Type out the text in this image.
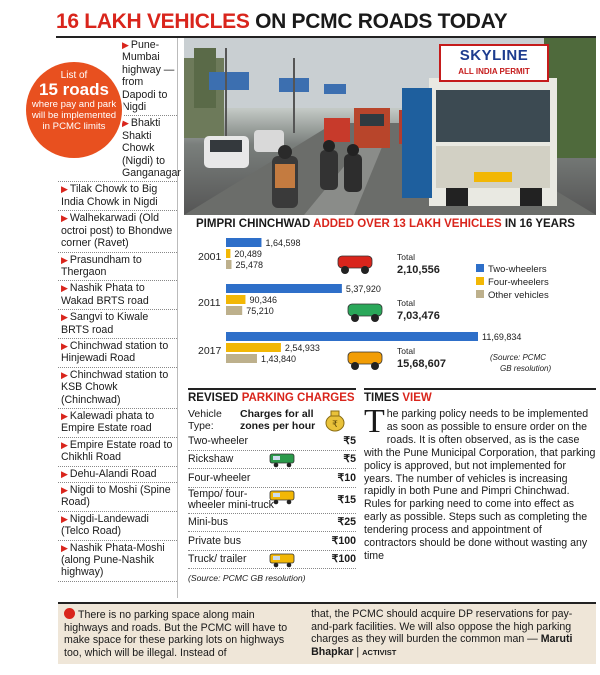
16 LAKH VEHICLES ON PCMC ROADS TODAY
▶ Pune-Mumbai highway — from Dapodi to Nigdi
▶ Bhakti Shakti Chowk (Nigdi) to Ganganagar
▶ Tilak Chowk to Big India Chowk in Nigdi
▶ Walhekarwadi (Old octroi post) to Bhondwe corner (Ravet)
▶ Prasundham to Thergaon
▶ Nashik Phata to Wakad BRTS road
▶ Sangvi to Kiwale BRTS road
▶ Chinchwad station to Hinjewadi Road
▶ Chinchwad station to KSB Chowk (Chinchwad)
▶ Kalewadi phata to Empire Estate road
▶ Empire Estate road to Chikhli Road
▶ Dehu-Alandi Road
▶ Nigdi to Moshi (Spine Road)
▶ Nigdi-Landewadi (Telco Road)
▶ Nashik Phata-Moshi (along Pune-Nashik highway)
List of
15 roads
where pay and park will be implemented in PCMC limits
SKYLINE
ALL INDIA PERMIT
PIMPRI CHINCHWAD ADDED OVER 13 LAKH VEHICLES IN 16 YEARS
2001
1,64,598
20,489
25,478
Total
2,10,556
2011
5,37,920
90,346
75,210
Total
7,03,476
2017
11,69,834
2,54,933
1,43,840
Total
15,68,607
Two-wheelers
Four-wheelers
Other vehicles
(Source: PCMC
GB resolution)
REVISED PARKING CHARGES
Vehicle Type:
Charges for all zones per hour	₹
Two-wheeler	₹5
Rickshaw	₹5
Four-wheeler	₹10
Tempo/ four-wheeler mini-truck	₹15
Mini-bus	₹25
Private bus	₹100
Truck/ trailer	₹100
(Source: PCMC GB resolution)
TIMES VIEW
The parking policy needs to be implemented as soon as possible to ensure order on the roads. It is often observed, as is the case with the Pune Municipal Corporation, that parking policy is approved, but not implemented for years. The number of vehicles is increasing rapidly in both Pune and Pimpri Chinchwad. Rules for parking need to come into effect as early as possible. Steps such as completing the tendering process and appointment of contractors should be done without wasting any time
There is no parking space along main highways and roads. But the PCMC will have to make space for these parking lots on highways too, which will be illegal. Instead of
that, the PCMC should acquire DP reservations for pay-and-park facilities. We will also oppose the high parking charges as they will burden the common man — Maruti Bhapkar | ACTIVIST
